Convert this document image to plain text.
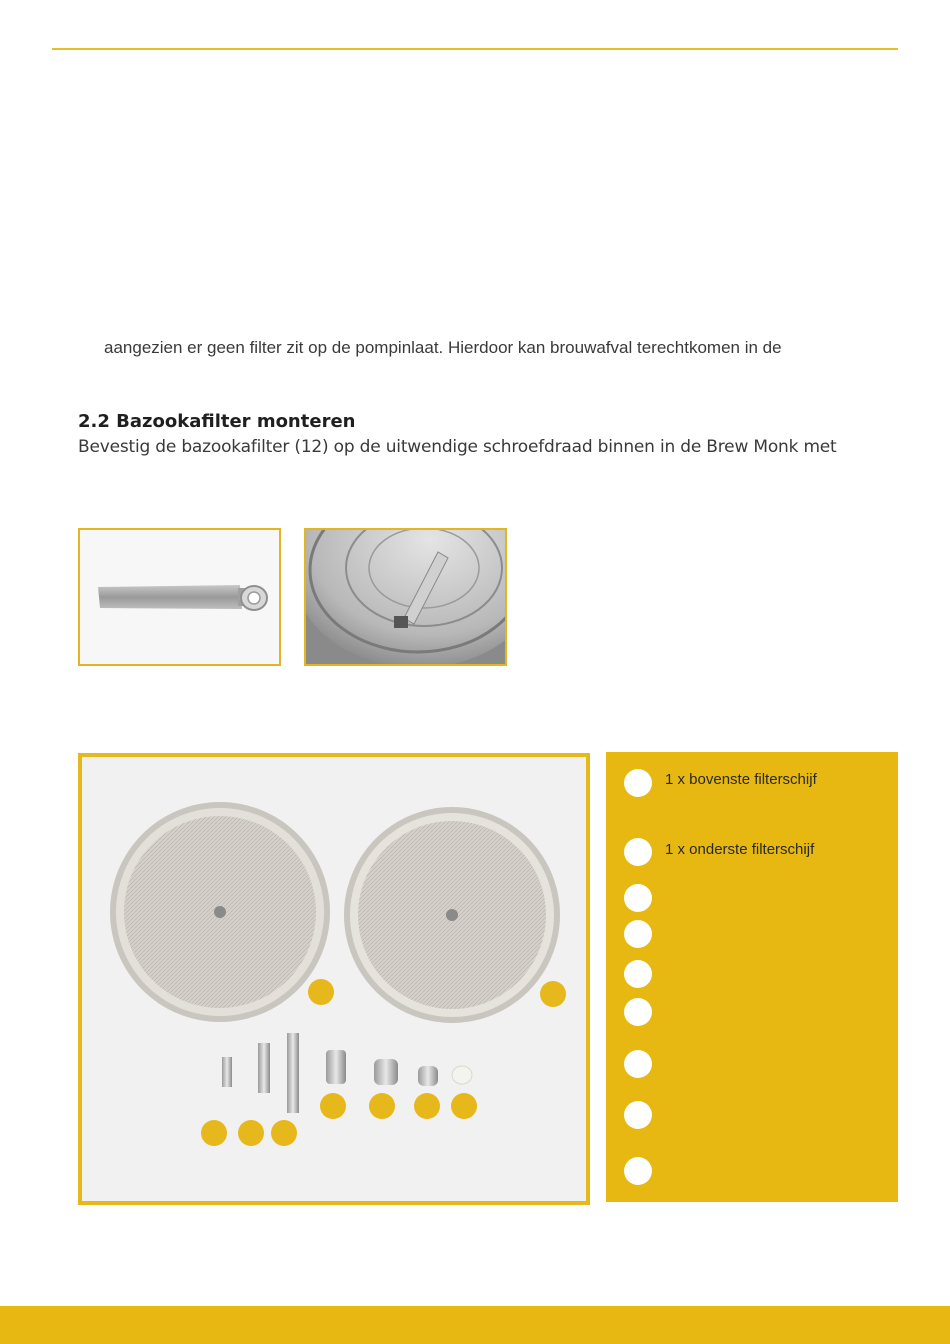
aangezien er geen filter zit op de pompinlaat. Hierdoor kan brouwafval terechtkomen in de
2.2 Bazookafilter monteren
Bevestig de bazookafilter (12) op de uitwendige schroefdraad binnen in de Brew Monk met
1 x bovenste filterschijf
1 x onderste filterschijf
